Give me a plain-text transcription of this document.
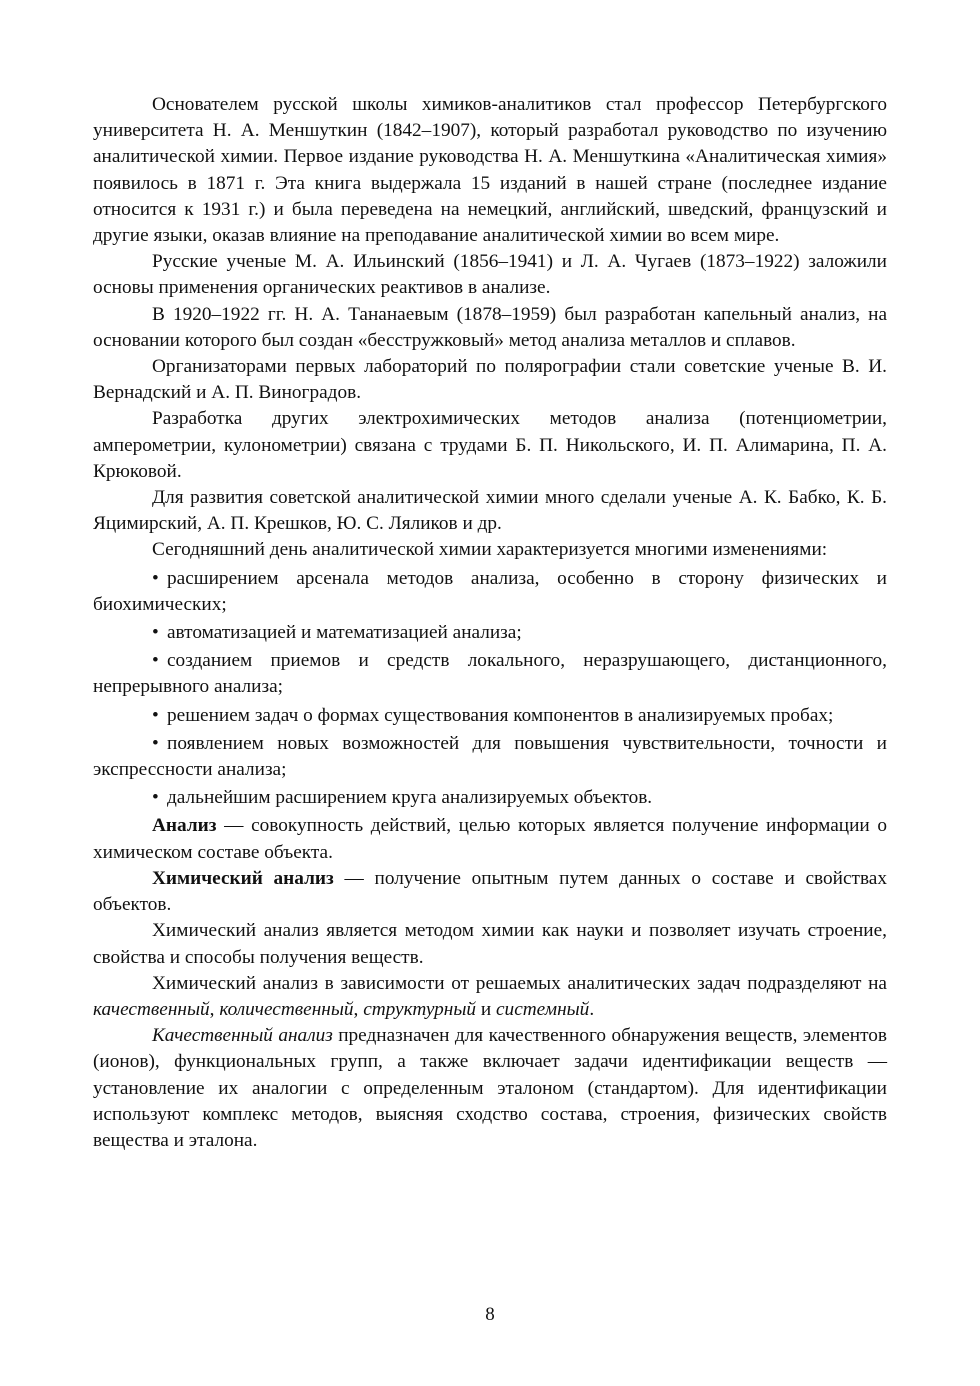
Основателем русской школы химиков-аналитиков стал профессор Петербургского университета Н. А. Меншуткин (1842–1907), который разработал руководство по изучению аналитической химии. Первое издание руководства Н. А. Меншуткина «Аналитическая химия» появилось в 1871 г. Эта книга выдержала 15 изданий в нашей стране (последнее издание относится к 1931 г.) и была переведена на немецкий, английский, шведский, французский и другие языки, оказав влияние на преподавание аналитической химии во всем мире.

Русские ученые М. А. Ильинский (1856–1941) и Л. А. Чугаев (1873–1922) заложили основы применения органических реактивов в анализе.

В 1920–1922 гг. Н. А. Тананаевым (1878–1959) был разработан капельный анализ, на основании которого был создан «бесстружковый» метод анализа металлов и сплавов.

Организаторами первых лабораторий по полярографии стали советские ученые В. И. Вернадский и А. П. Виноградов.

Разработка других электрохимических методов анализа (потенциометрии, амперометрии, кулонометрии) связана с трудами Б. П. Никольского, И. П. Алимарина, П. А. Крюковой.

Для развития советской аналитической химии много сделали ученые А. К. Бабко, К. Б. Яцимирский, А. П. Крешков, Ю. С. Ляликов и др.

Сегодняшний день аналитической химии характеризуется многими изменениями:

• расширением арсенала методов анализа, особенно в сторону физических и биохимических;

• автоматизацией и математизацией анализа;

• созданием приемов и средств локального, неразрушающего, дистанционного, непрерывного анализа;

• решением задач о формах существования компонентов в анализируемых пробах;

• появлением новых возможностей для повышения чувствительности, точности и экспрессности анализа;

• дальнейшим расширением круга анализируемых объектов.

Анализ — совокупность действий, целью которых является получение информации о химическом составе объекта.

Химический анализ — получение опытным путем данных о составе и свойствах объектов.

Химический анализ является методом химии как науки и позволяет изучать строение, свойства и способы получения веществ.

Химический анализ в зависимости от решаемых аналитических задач подразделяют на качественный, количественный, структурный и системный.

Качественный анализ предназначен для качественного обнаружения веществ, элементов (ионов), функциональных групп, а также включает задачи идентификации веществ — установление их аналогии с определенным эталоном (стандартом). Для идентификации используют комплекс методов, выясняя сходство состава, строения, физических свойств вещества и эталона.

8
